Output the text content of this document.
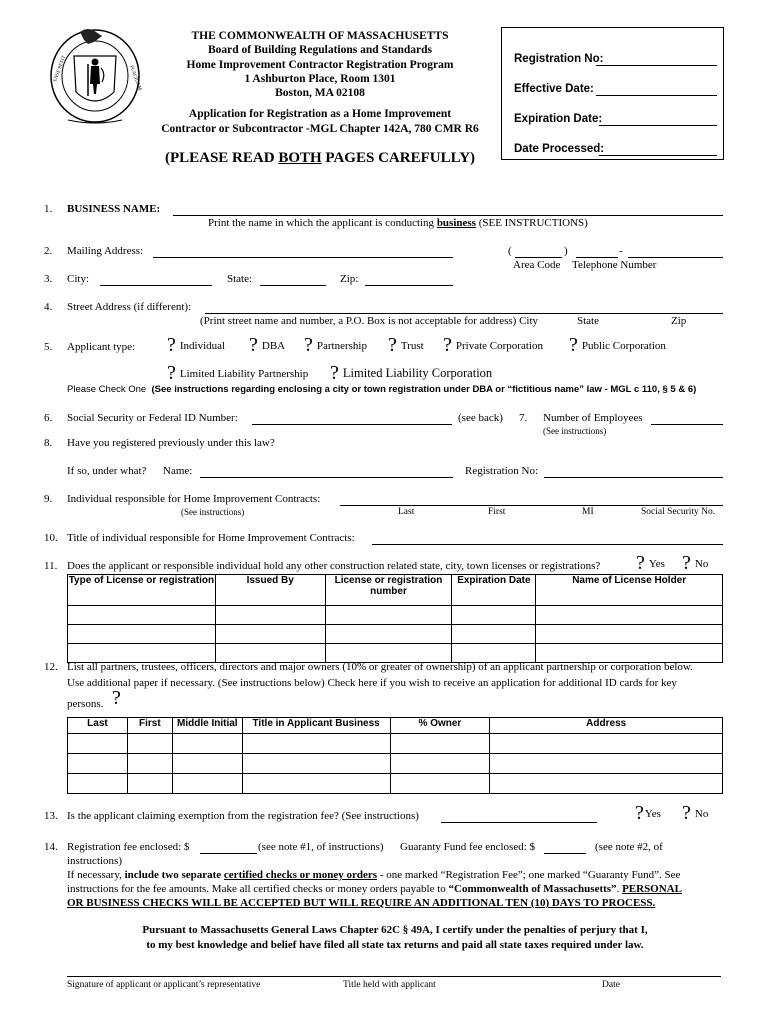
ENSE PETIT	PLACIDAM
THE COMMONWEALTH OF MASSACHUSETTS
Board of Building Regulations and Standards
Home Improvement Contractor Registration Program
1 Ashburton Place, Room 1301
Boston, MA 02108
Application for Registration as a Home Improvement
Contractor or Subcontractor -MGL Chapter 142A, 780 CMR R6
(PLEASE READ BOTH PAGES CAREFULLY)
Registration No:
Effective Date:
Expiration Date:
Date Processed:
1. BUSINESS NAME:
Print the name in which the applicant is conducting business (SEE INSTRUCTIONS)
2. Mailing Address:	(	)	-
Area Code Telephone Number
3. City:	State:	Zip:
4. Street Address (if different):
(Print street name and number, a P.O. Box is not acceptable for address) City	State	Zip
5. Applicant type: ? Individual ? DBA ? Partnership ? Trust ? Private Corporation ? Public Corporation
? Limited Liability Partnership ? Limited Liability Corporation
Please Check One (See instructions regarding enclosing a city or town registration under DBA or “fictitious name” law - MGL c 110, § 5 & 6)
6. Social Security or Federal ID Number:	(see back) 7. Number of Employees
(See instructions)
8. Have you registered previously under this law?
If so, under what? Name:	Registration No:
9. Individual responsible for Home Improvement Contracts:
(See instructions)	Last	First	MI	Social Security No.
10. Title of individual responsible for Home Improvement Contracts:
11. Does the applicant or responsible individual hold any other construction related state, city, town licenses or registrations? ? Yes ? No
Type of License or registration	Issued By	License or registration number	Expiration Date	Name of License Holder

12. List all partners, trustees, officers, directors and major owners (10% or greater of ownership) of an applicant partnership or corporation below.
Use additional paper if necessary. (See instructions below) Check here if you wish to receive an application for additional ID cards for key
persons. ?
Last	First	Middle Initial	Title in Applicant Business	% Owner	Address

13. Is the applicant claiming exemption from the registration fee? (See instructions)	?Yes ? No
14. Registration fee enclosed: $	(see note #1, of instructions) Guaranty Fund fee enclosed: $	(see note #2, of
instructions)
If necessary, include two separate certified checks or money orders - one marked “Registration Fee”; one marked “Guaranty Fund”. See
instructions for the fee amounts. Make all certified checks or money orders payable to “Commonwealth of Massachusetts”. PERSONAL
OR BUSINESS CHECKS WILL BE ACCEPTED BUT WILL REQUIRE AN ADDITIONAL TEN (10) DAYS TO PROCESS.
Pursuant to Massachusetts General Laws Chapter 62C § 49A, I certify under the penalties of perjury that I,
to my best knowledge and belief have filed all state tax returns and paid all state taxes required under law.
Signature of applicant or applicant’s representative	Title held with applicant	Date
